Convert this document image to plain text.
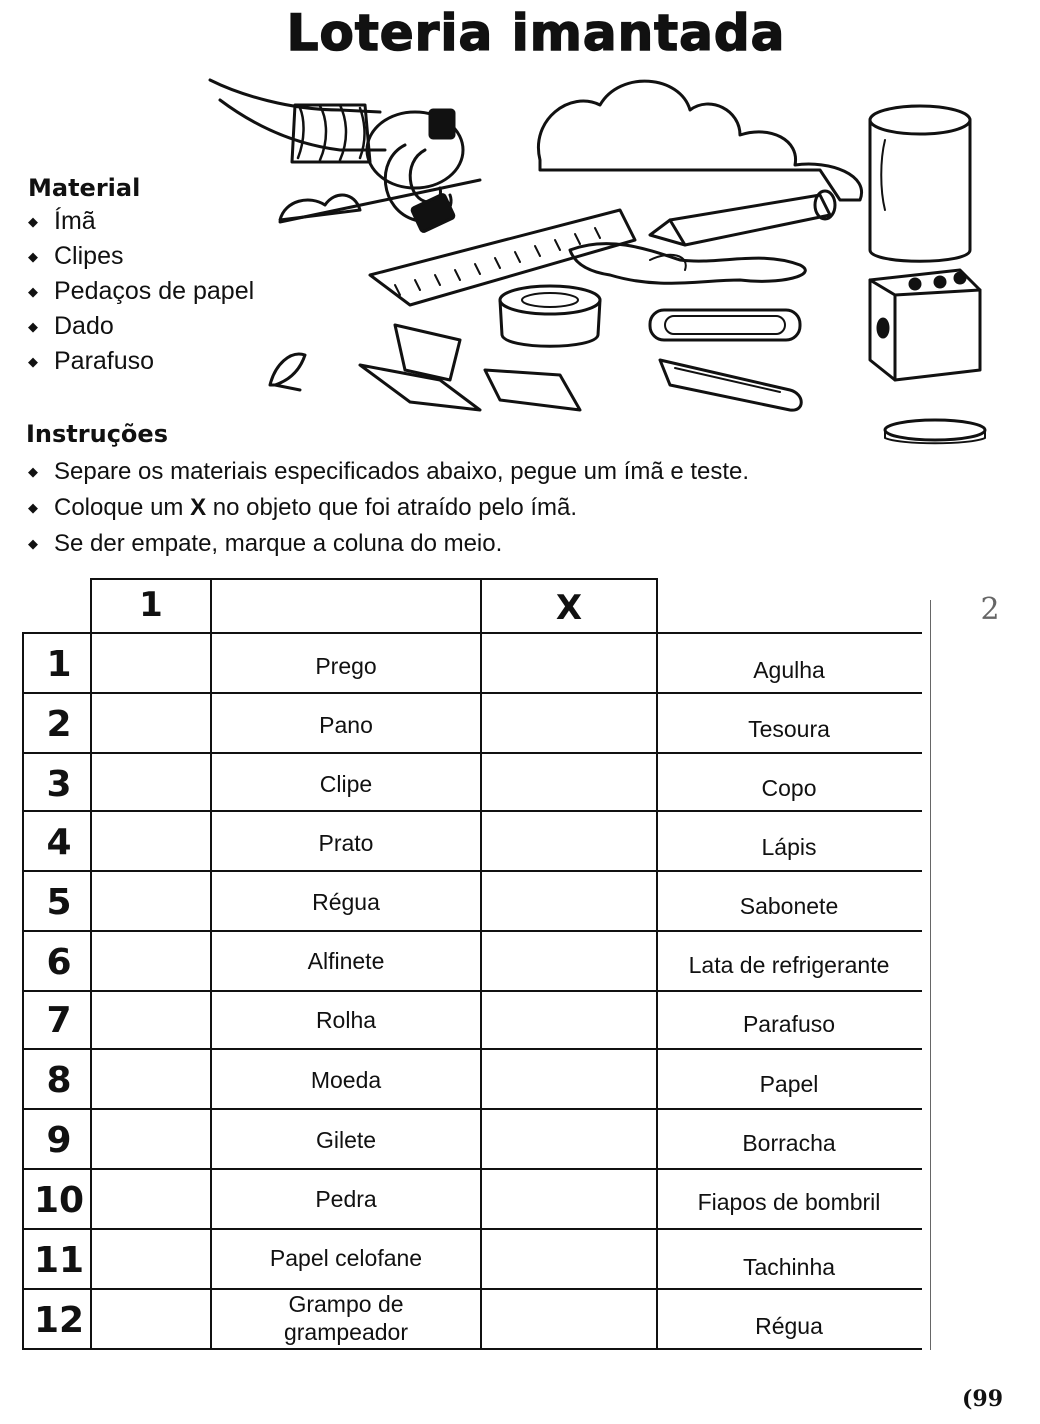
Loteria imantada
Material
◆ Ímã
◆ Clipes
◆ Pedaços de papel
◆ Dado
◆ Parafuso
Instruções
◆ Separe os materiais especificados abaixo, pegue um ímã e teste.
◆ Coloque um X no objeto que foi atraído pelo ímã.
◆ Se der empate, marque a coluna do meio.
1	X	2
1
2
3
4
5
6
7
8
9
10
11
12
Prego
Pano
Clipe
Prato
Régua
Alfinete
Rolha
Moeda
Gilete
Pedra
Papel celofane
Grampo de grampeador
Agulha
Tesoura
Copo
Lápis
Sabonete
Lata de refrigerante
Parafuso
Papel
Borracha
Fiapos de bombril
Tachinha
Régua
(99
